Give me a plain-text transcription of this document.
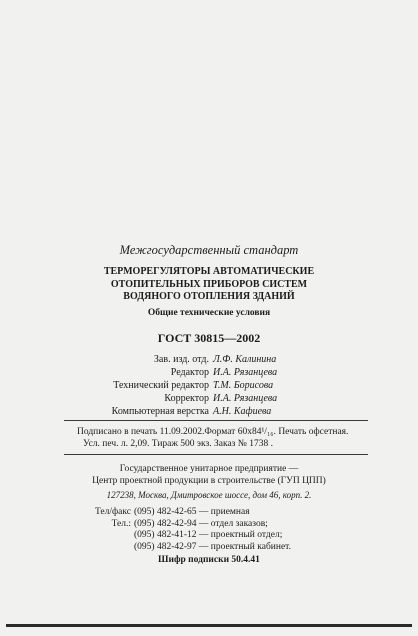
Межгосударственный стандарт
ТЕРМОРЕГУЛЯТОРЫ АВТОМАТИЧЕСКИЕ
ОТОПИТЕЛЬНЫХ ПРИБОРОВ СИСТЕМ
ВОДЯНОГО ОТОПЛЕНИЯ ЗДАНИЙ
Общие технические условия
ГОСТ 30815—2002
Зав. изд. отд. Л.Ф. Калинина
Редактор И.А. Рязанцева
Технический редактор Т.М. Борисова
Корректор И.А. Рязанцева
Компьютерная верстка А.Н. Кафиева
Подписано в печать 11.09.2002.Формат 60x84¹/₁₆. Печать офсетная.
Усл. печ. л. 2,09. Тираж 500 экз. Заказ № 1738 .
Государственное унитарное предприятие —
Центр проектной продукции в строительстве (ГУП ЦПП)
127238, Москва, Дмитровское шоссе, дом 46, корп. 2.
Тел/факс (095) 482-42-65 — приемная
Тел.: (095) 482-42-94 — отдел заказов;
(095) 482-41-12 — проектный отдел;
(095) 482-42-97 — проектный кабинет.
Шифр подписки 50.4.41
